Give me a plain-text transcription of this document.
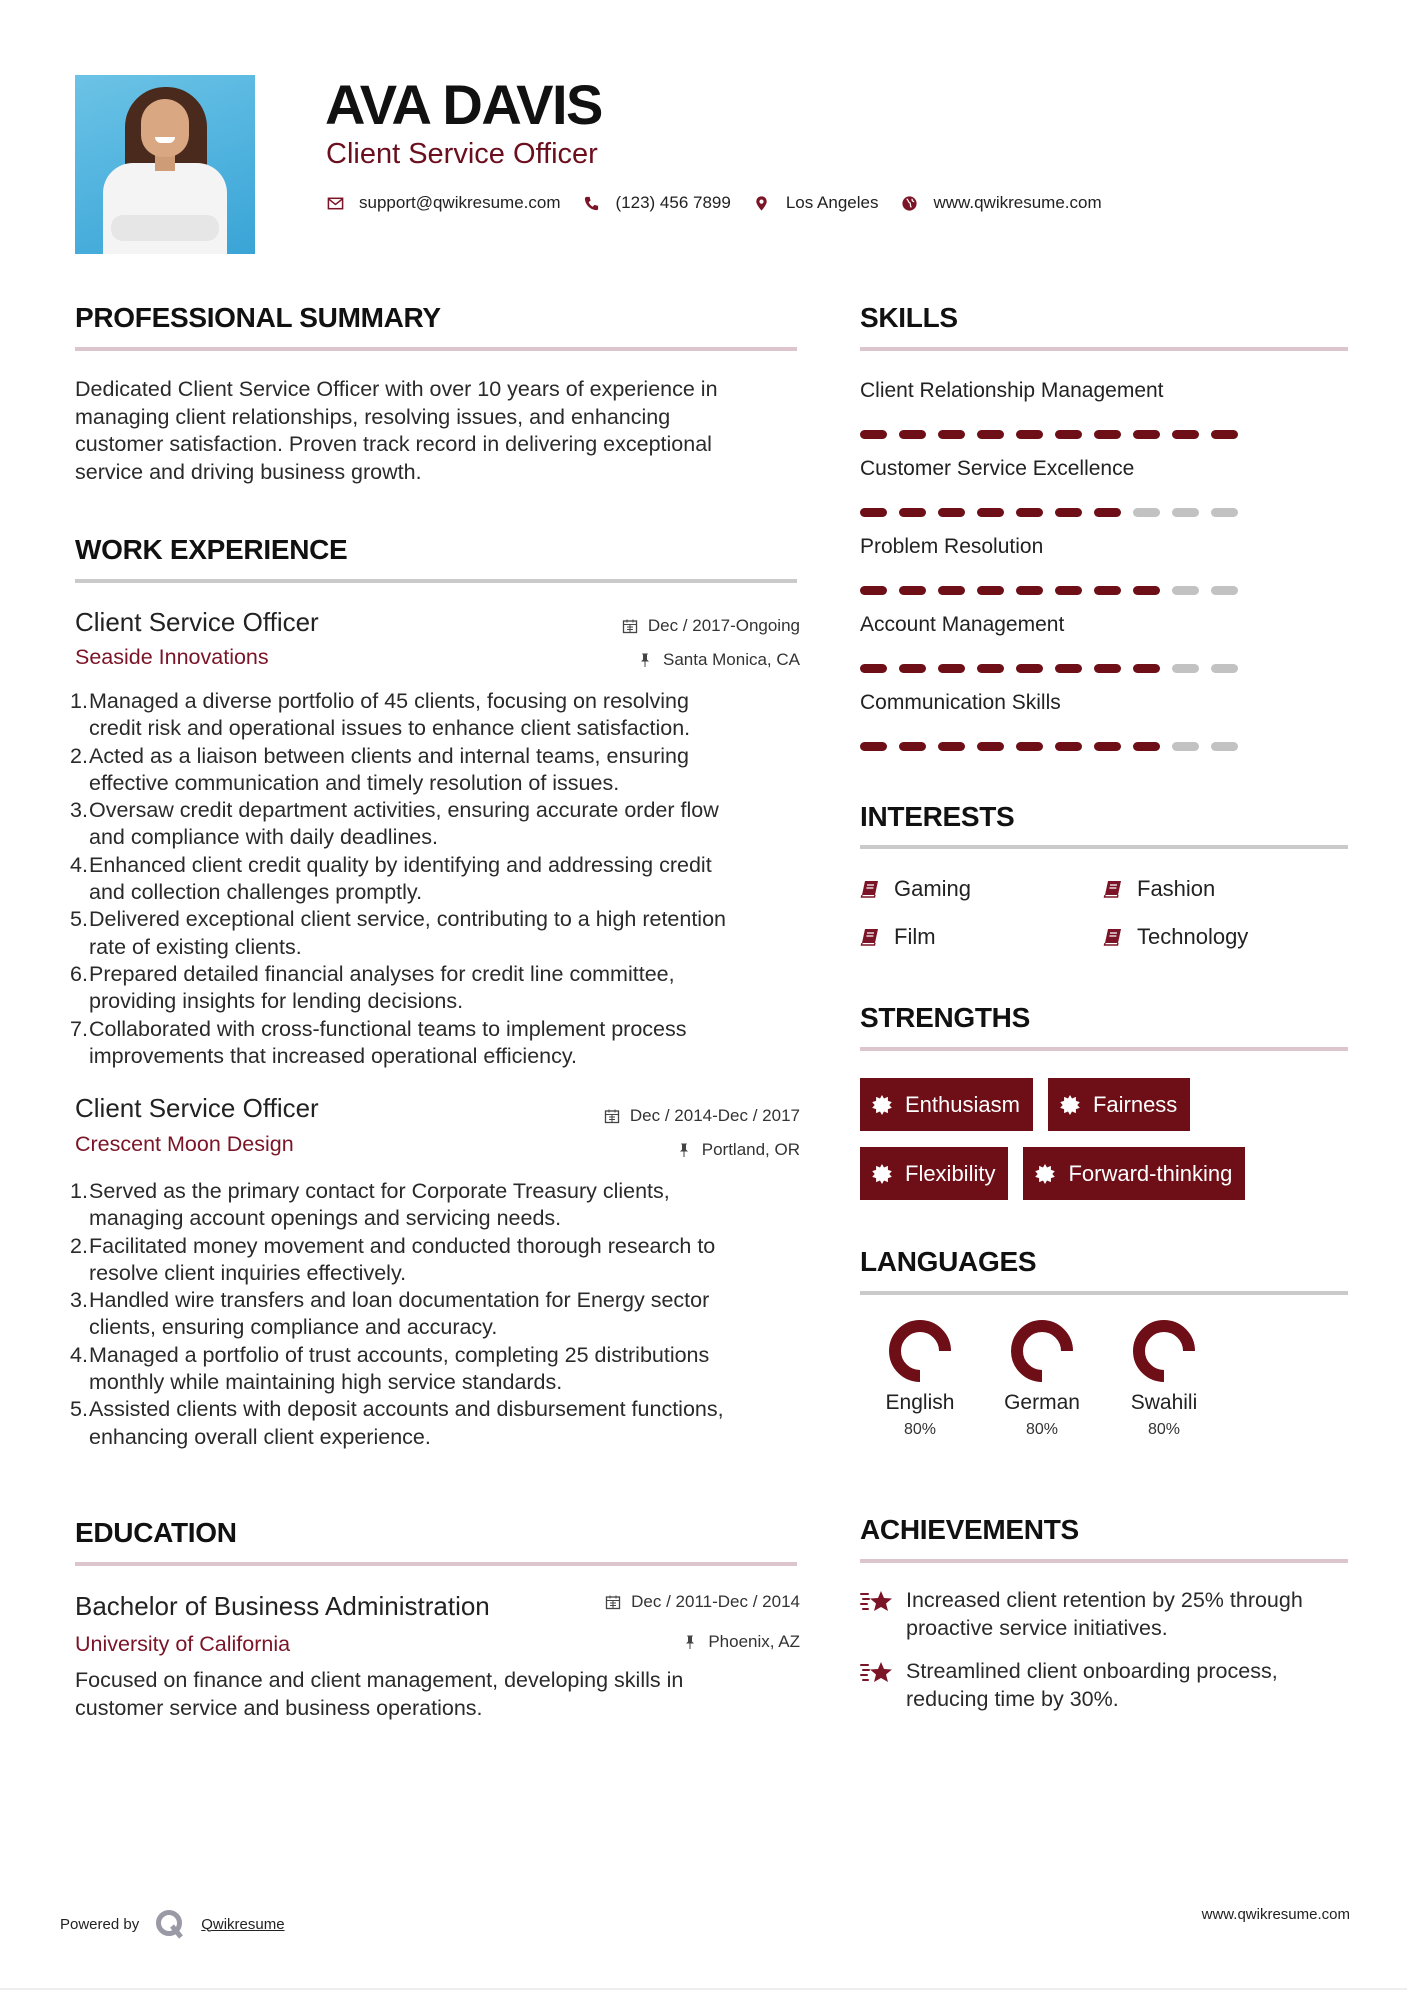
AVA DAVIS
Client Service Officer
support@qwikresume.com	(123) 456 7899	Los Angeles	www.qwikresume.com
PROFESSIONAL SUMMARY
Dedicated Client Service Officer with over 10 years of experience in
managing client relationships, resolving issues, and enhancing
customer satisfaction. Proven track record in delivering exceptional
service and driving business growth.
WORK EXPERIENCE
Client Service Officer	Dec / 2017-Ongoing
Seaside Innovations	Santa Monica, CA
1. Managed a diverse portfolio of 45 clients, focusing on resolving
credit risk and operational issues to enhance client satisfaction.
2. Acted as a liaison between clients and internal teams, ensuring
effective communication and timely resolution of issues.
3. Oversaw credit department activities, ensuring accurate order flow
and compliance with daily deadlines.
4. Enhanced client credit quality by identifying and addressing credit
and collection challenges promptly.
5. Delivered exceptional client service, contributing to a high retention
rate of existing clients.
6. Prepared detailed financial analyses for credit line committee,
providing insights for lending decisions.
7. Collaborated with cross-functional teams to implement process
improvements that increased operational efficiency.
Client Service Officer	Dec / 2014-Dec / 2017
Crescent Moon Design	Portland, OR
1. Served as the primary contact for Corporate Treasury clients,
managing account openings and servicing needs.
2. Facilitated money movement and conducted thorough research to
resolve client inquiries effectively.
3. Handled wire transfers and loan documentation for Energy sector
clients, ensuring compliance and accuracy.
4. Managed a portfolio of trust accounts, completing 25 distributions
monthly while maintaining high service standards.
5. Assisted clients with deposit accounts and disbursement functions,
enhancing overall client experience.
EDUCATION
Bachelor of Business Administration	Dec / 2011-Dec / 2014
University of California	Phoenix, AZ
Focused on finance and client management, developing skills in
customer service and business operations.
SKILLS
Client Relationship Management
Customer Service Excellence
Problem Resolution
Account Management
Communication Skills
INTERESTS
Gaming	Fashion
Film	Technology
STRENGTHS
Enthusiasm	Fairness
Flexibility	Forward-thinking
LANGUAGES
English
80%
German
80%
Swahili
80%
ACHIEVEMENTS
Increased client retention by 25% through
proactive service initiatives.
Streamlined client onboarding process,
reducing time by 30%.
Powered by	Qwikresume
www.qwikresume.com
